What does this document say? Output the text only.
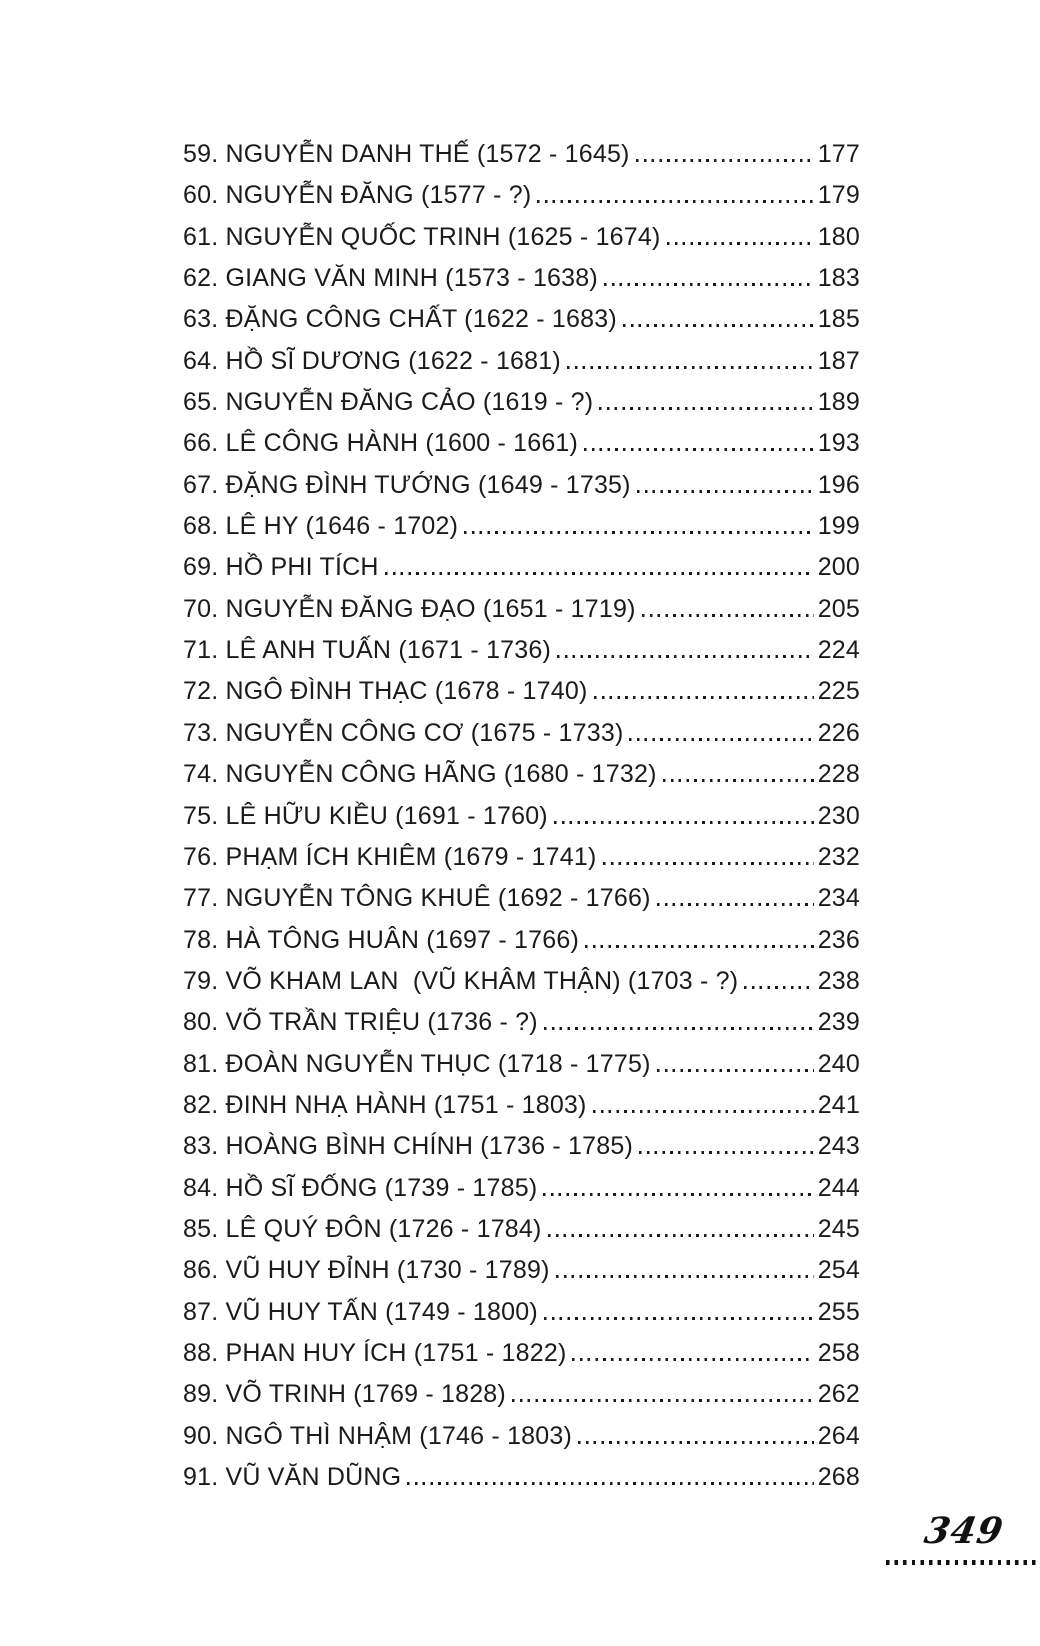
59. NGUYỄN DANH THẾ (1572 - 1645)	177
60. NGUYỄN ĐĂNG (1577 - ?)	179
61. NGUYỄN QUỐC TRINH (1625 - 1674)	180
62. GIANG VĂN MINH (1573 - 1638)	183
63. ĐẶNG CÔNG CHẤT (1622 - 1683)	185
64. HỒ SĨ DƯƠNG (1622 - 1681)	187
65. NGUYỄN ĐĂNG CẢO (1619 - ?)	189
66. LÊ CÔNG HÀNH (1600 - 1661)	193
67. ĐẶNG ĐÌNH TƯỚNG (1649 - 1735)	196
68. LÊ HY (1646 - 1702)	199
69. HỒ PHI TÍCH	200
70. NGUYỄN ĐĂNG ĐẠO (1651 - 1719)	205
71. LÊ ANH TUẤN (1671 - 1736)	224
72. NGÔ ĐÌNH THẠC (1678 - 1740)	225
73. NGUYỄN CÔNG CƠ (1675 - 1733)	226
74. NGUYỄN CÔNG HÃNG (1680 - 1732)	228
75. LÊ HỮU KIỀU (1691 - 1760)	230
76. PHẠM ÍCH KHIÊM (1679 - 1741)	232
77. NGUYỄN TÔNG KHUÊ (1692 - 1766)	234
78. HÀ TÔNG HUÂN (1697 - 1766)	236
79. VÕ KHAM LAN  (VŨ KHÂM THẬN) (1703 - ?)	238
80. VÕ TRẦN TRIỆU (1736 - ?)	239
81. ĐOÀN NGUYỄN THỤC (1718 - 1775)	240
82. ĐINH NHẠ HÀNH (1751 - 1803)	241
83. HOÀNG BÌNH CHÍNH (1736 - 1785)	243
84. HỒ SĨ ĐỐNG (1739 - 1785)	244
85. LÊ QUÝ ĐÔN (1726 - 1784)	245
86. VŨ HUY ĐỈNH (1730 - 1789)	254
87. VŨ HUY TẤN (1749 - 1800)	255
88. PHAN HUY ÍCH (1751 - 1822)	258
89. VÕ TRINH (1769 - 1828)	262
90. NGÔ THÌ NHẬM (1746 - 1803)	264
91. VŨ VĂN DŨNG	268
349
